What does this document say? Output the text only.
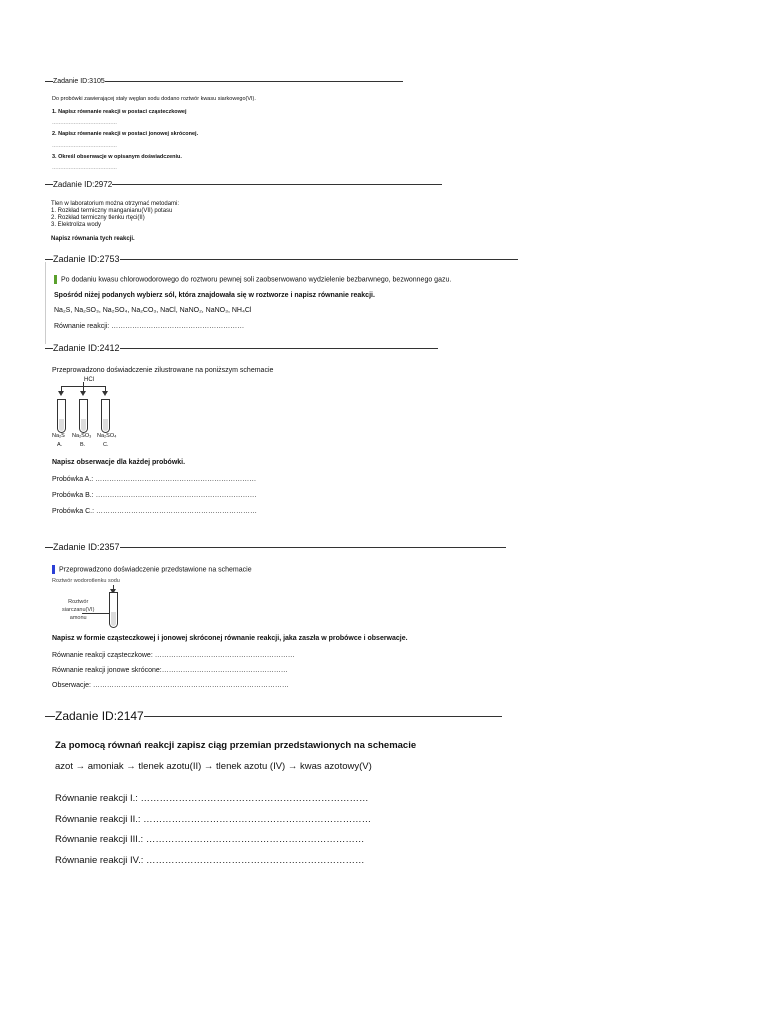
Zadanie ID:3105
Do probówki zawierającej stały węglan sodu dodano roztwór kwasu siarkowego(VI).
1. Napisz równanie reakcji w postaci cząsteczkowej
…………………………………
2. Napisz równanie reakcji w postaci jonowej skróconej.
…………………………………
3. Określ obserwacje w opisanym doświadczeniu.
…………………………………
Zadanie ID:2972
Tlen w laboratorium można otrzymać metodami:
1. Rozkład termiczny manganianu(VII) potasu
2. Rozkład termiczny tlenku rtęci(II)
3. Elektroliza wody
Napisz równania tych reakcji.
Zadanie ID:2753
Po dodaniu kwasu chlorowodorowego do roztworu pewnej soli zaobserwowano wydzielenie bezbarwnego, bezwonnego gazu.
Spośród niżej podanych wybierz sól, która znajdowała się w roztworze i napisz równanie reakcji.
Na₂S, Na₂SO₃, Na₂SO₄, Na₂CO₃, NaCl, NaNO₂, NaNO₃, NH₄Cl
Równanie reakcji: …………………………………………………
Zadanie ID:2412
Przeprowadzono doświadczenie zilustrowane na poniższym schemacie
HCl
Na₂S Na₂SO₃ Na₂SO₄
A.	B.	C.
Napisz obserwacje dla każdej probówki.
Probówka A.: ……………………………………………………………
Probówka B.: ……………………………………………………………
Probówka C.: ……………………………………………………………
Zadanie ID:2357
Przeprowadzono doświadczenie przedstawione na schemacie
Roztwór wodorotlenku sodu
Roztwór
siarczanu(VI)
amonu
Napisz w formie cząsteczkowej i jonowej skróconej równanie reakcji, jaka zaszła w probówce i obserwacje.
Równanie reakcji cząsteczkowe: ……………………………………………………
Równanie reakcji jonowe skrócone:………………………………………………
Obserwacje: …………………………………………………………………………
Zadanie ID:2147
Za pomocą równań reakcji zapisz ciąg przemian przedstawionych na schemacie
azot → amoniak → tlenek azotu(II) → tlenek azotu (IV) → kwas azotowy(V)
Równanie reakcji I.: ………………………………………………………………
Równanie reakcji II.: ………………………………………………………………
Równanie reakcji III.: ……………………………………………………………
Równanie reakcji IV.: ……………………………………………………………
